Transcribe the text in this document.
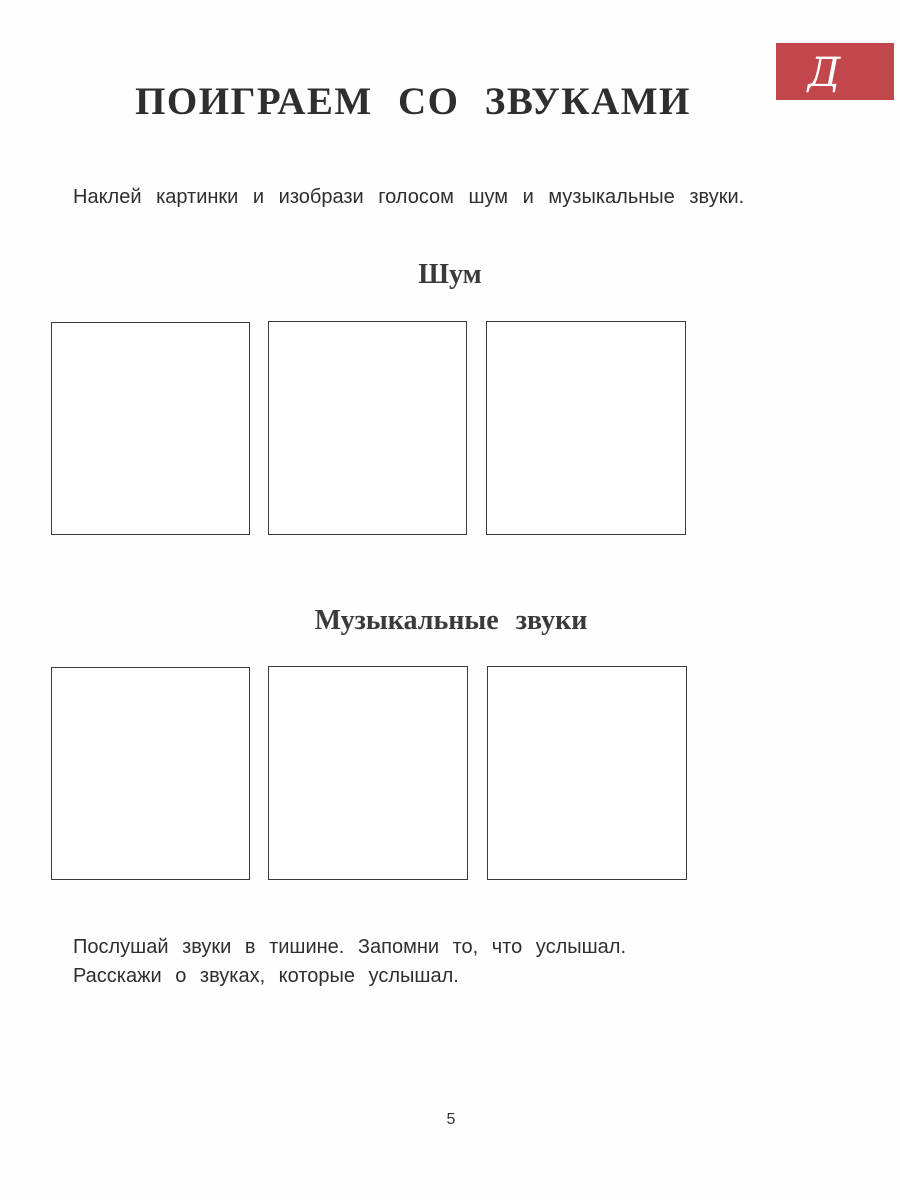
Д
ПОИГРАЕМ СО ЗВУКАМИ
Наклей картинки и изобрази голосом шум и музыкальные звуки.
Шум
Музыкальные звуки
Послушай звуки в тишине. Запомни то, что услышал.
Расскажи о звуках, которые услышал.
5
